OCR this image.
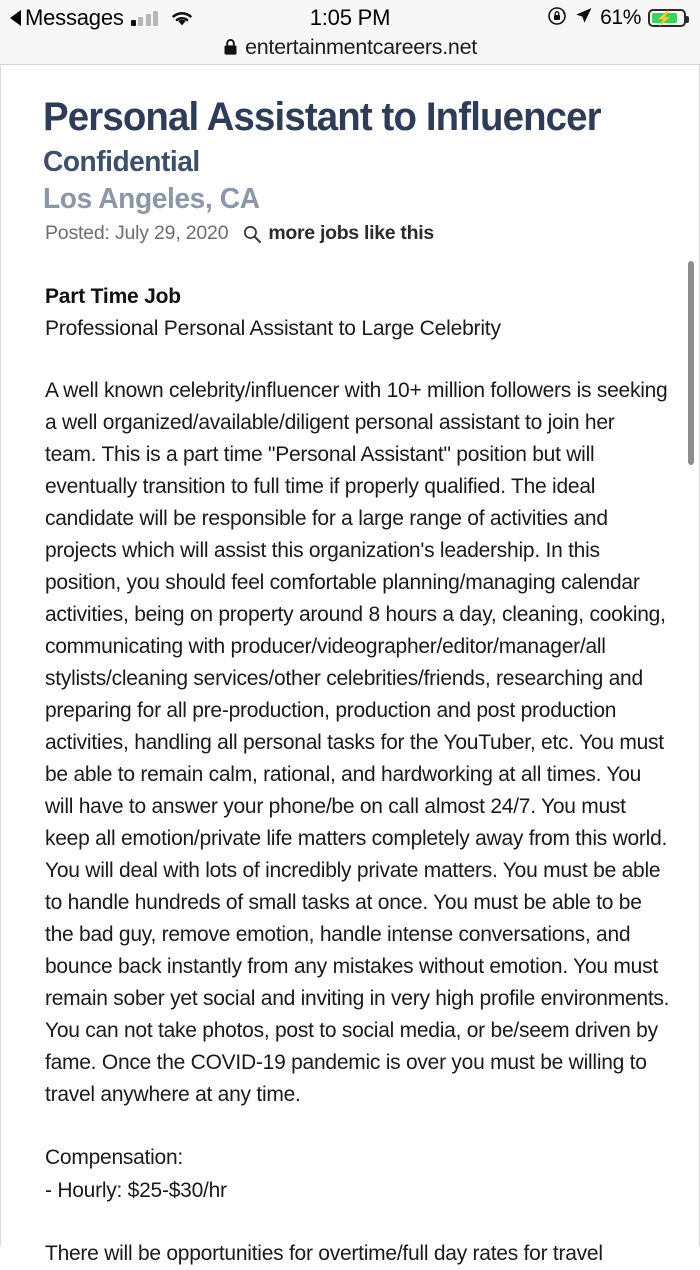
Messages	1:05 PM	61% ⚡
entertainmentcareers.net
Personal Assistant to Influencer
Confidential
Los Angeles, CA
Posted: July 29, 2020 more jobs like this
Part Time Job
Professional Personal Assistant to Large Celebrity

A well known celebrity/influencer with 10+ million followers is seeking a well organized/available/diligent personal assistant to join her team. This is a part time "Personal Assistant" position but will eventually transition to full time if properly qualified. The ideal candidate will be responsible for a large range of activities and projects which will assist this organization's leadership. In this position, you should feel comfortable planning/managing calendar activities, being on property around 8 hours a day, cleaning, cooking, communicating with producer/videographer/editor/manager/all stylists/cleaning services/other celebrities/friends, researching and preparing for all pre-production, production and post production activities, handling all personal tasks for the YouTuber, etc. You must be able to remain calm, rational, and hardworking at all times. You will have to answer your phone/be on call almost 24/7. You must keep all emotion/private life matters completely away from this world. You will deal with lots of incredibly private matters. You must be able to handle hundreds of small tasks at once. You must be able to be the bad guy, remove emotion, handle intense conversations, and bounce back instantly from any mistakes without emotion. You must remain sober yet social and inviting in very high profile environments. You can not take photos, post to social media, or be/seem driven by fame. Once the COVID-19 pandemic is over you must be willing to travel anywhere at any time.

Compensation:
- Hourly: $25-$30/hr
There will be opportunities for overtime/full day rates for travel
